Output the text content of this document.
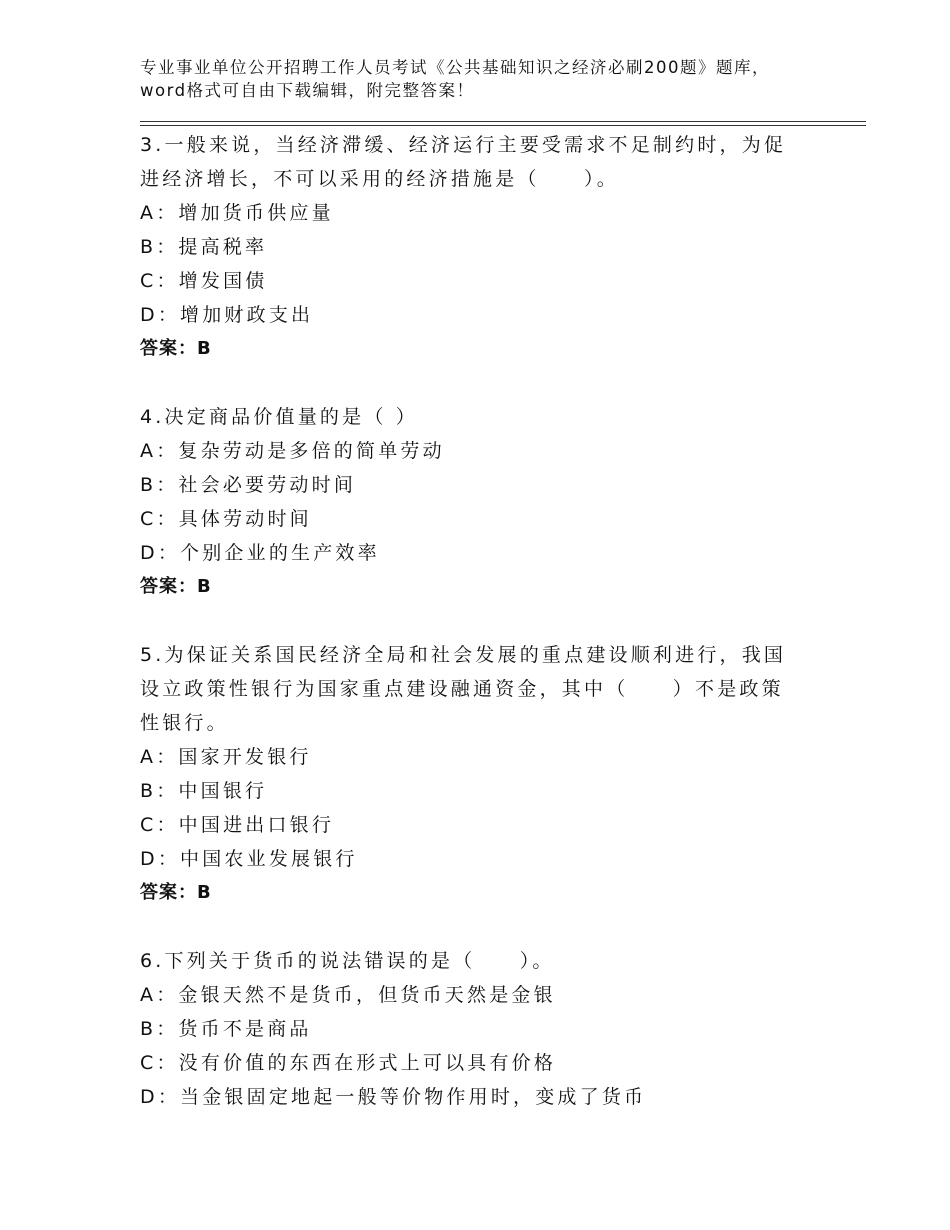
专业事业单位公开招聘工作人员考试《公共基础知识之经济必刷200题》题库，word格式可自由下载编辑，附完整答案！

3.一般来说，当经济滞缓、经济运行主要受需求不足制约时，为促进经济增长，不可以采用的经济措施是（　　）。

A：增加货币供应量

B：提高税率

C：增发国债

D：增加财政支出

答案：B

4.决定商品价值量的是（ ）

A：复杂劳动是多倍的简单劳动

B：社会必要劳动时间

C：具体劳动时间

D：个别企业的生产效率

答案：B

5.为保证关系国民经济全局和社会发展的重点建设顺利进行，我国设立政策性银行为国家重点建设融通资金，其中（　　）不是政策性银行。

A：国家开发银行

B：中国银行

C：中国进出口银行

D：中国农业发展银行

答案：B

6.下列关于货币的说法错误的是（　　）。

A：金银天然不是货币，但货币天然是金银

B：货币不是商品

C：没有价值的东西在形式上可以具有价格

D：当金银固定地起一般等价物作用时，变成了货币
